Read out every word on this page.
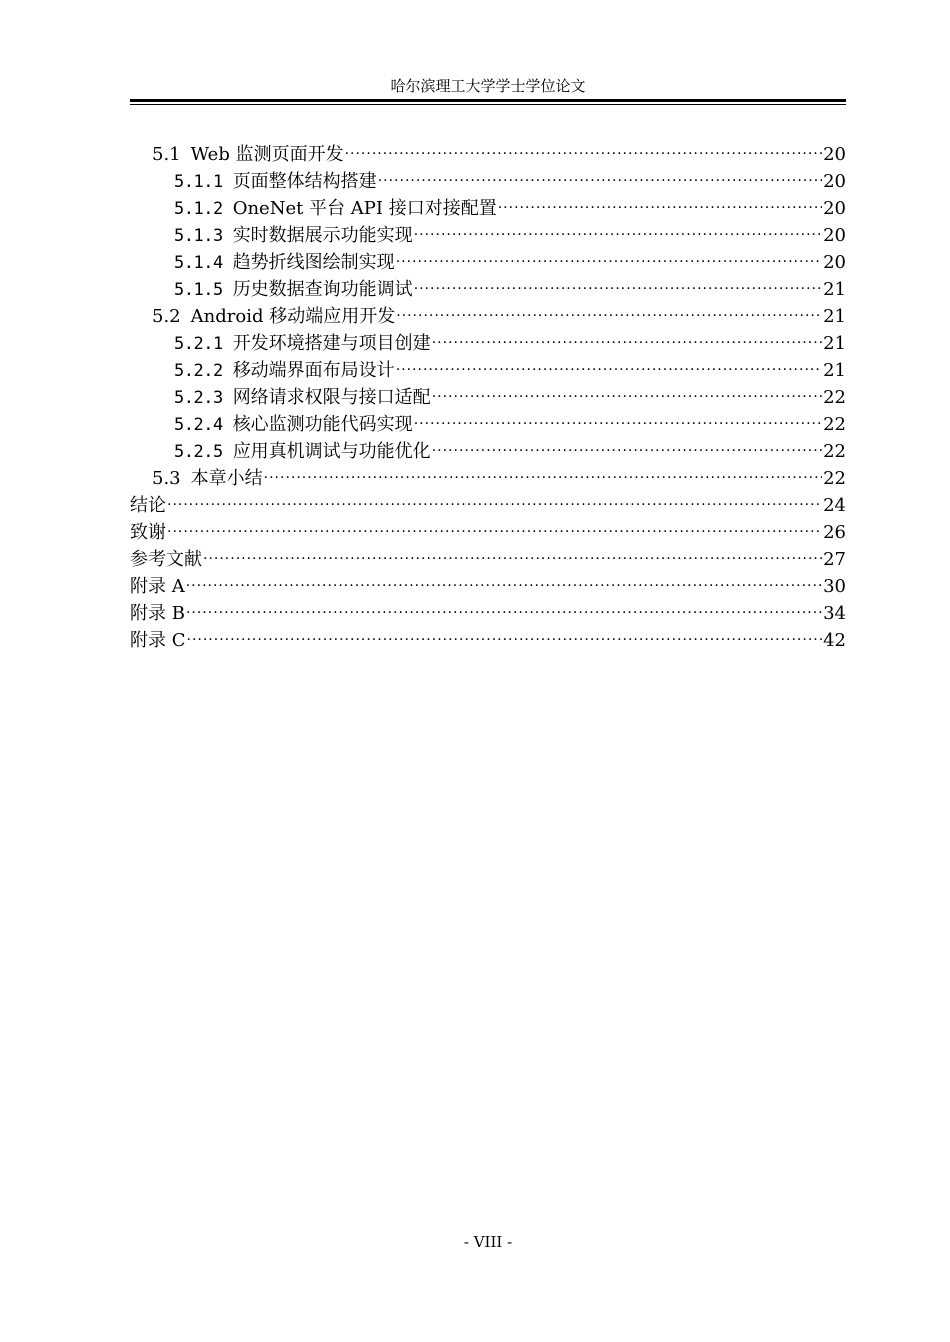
哈尔滨理工大学学士学位论文
5.1 Web 监测页面开发 .....	20
5.1.1 页面整体结构搭建 .....	20
5.1.2 OneNet 平台 API 接口对接配置 .....	20
5.1.3 实时数据展示功能实现 .....	20
5.1.4 趋势折线图绘制实现 .....	20
5.1.5 历史数据查询功能调试 .....	21
5.2 Android 移动端应用开发 .....	21
5.2.1 开发环境搭建与项目创建 .....	21
5.2.2 移动端界面布局设计 .....	21
5.2.3 网络请求权限与接口适配 .....	22
5.2.4 核心监测功能代码实现 .....	22
5.2.5 应用真机调试与功能优化 .....	22
5.3 本章小结 .....	22
结论 .....	24
致谢 .....	26
参考文献 .....	27
附录 A .....	30
附录 B .....	34
附录 C .....	42
- VIII -
